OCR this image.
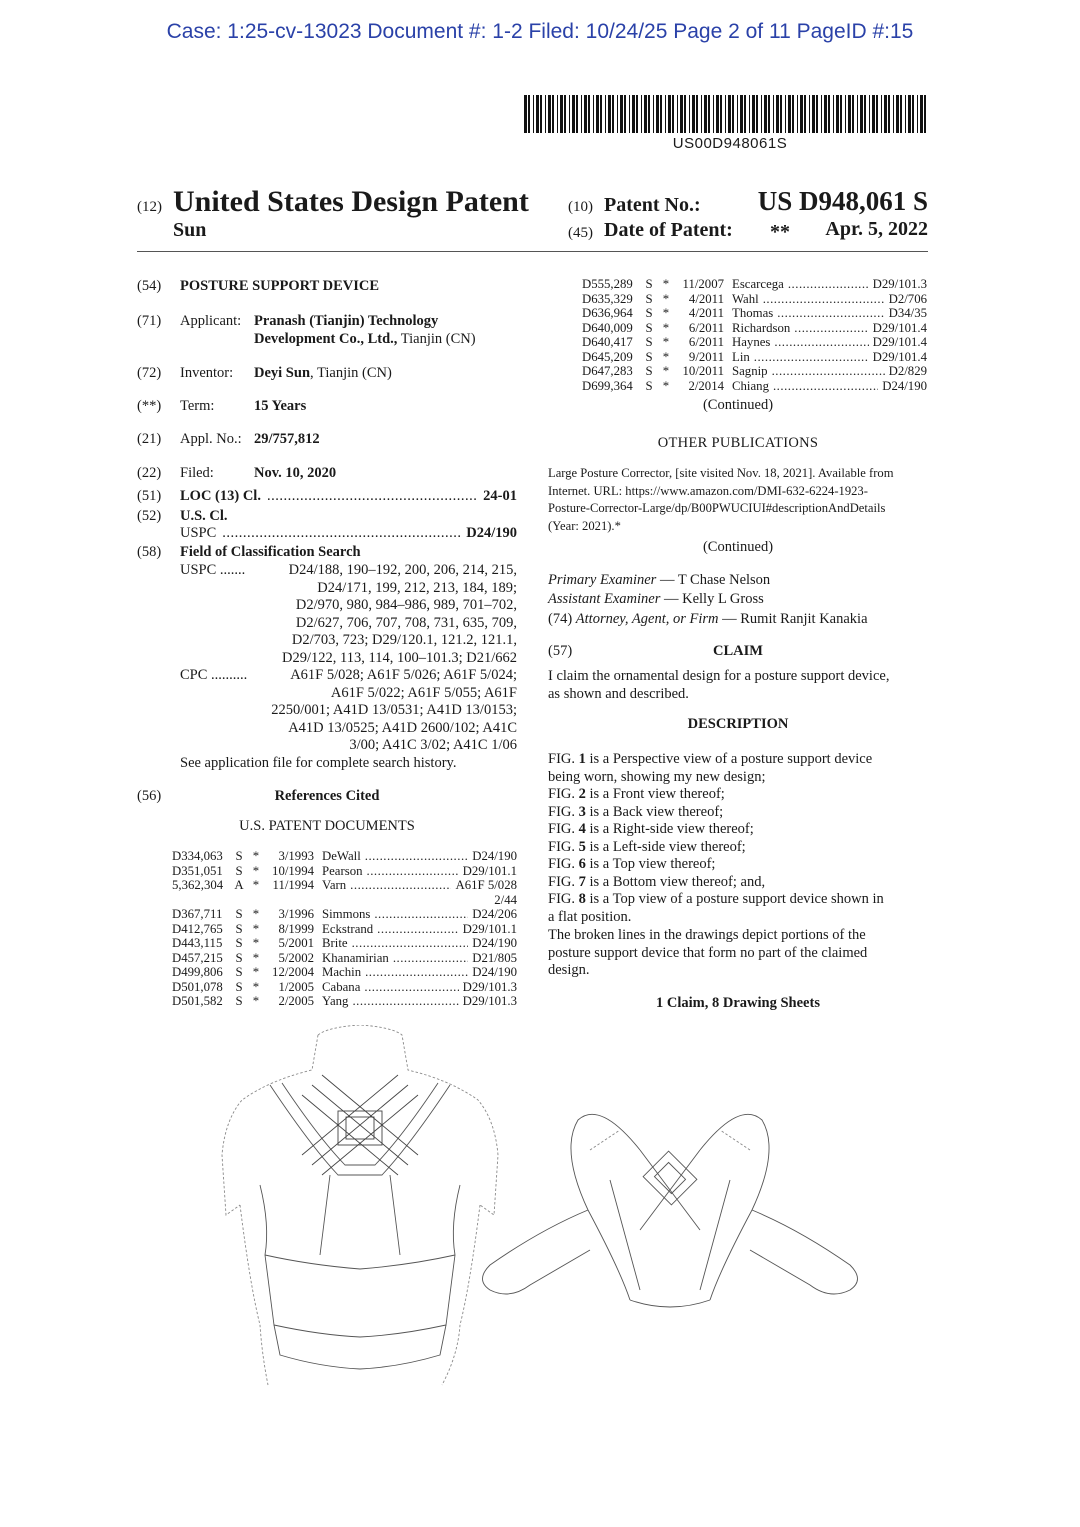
Case: 1:25-cv-13023 Document #: 1-2 Filed: 10/24/25 Page 2 of 11 PageID #:15
US00D948061S
(12) United States Design Patent
Sun
(10) Patent No.:	US D948,061 S
(45) Date of Patent: **	Apr. 5, 2022
(54) POSTURE SUPPORT DEVICE
(71) Applicant: Pranash (Tianjin) Technology
Development Co., Ltd., Tianjin (CN)
(72) Inventor: Deyi Sun, Tianjin (CN)
(**) Term:	15 Years
(21) Appl. No.: 29/757,812
(22) Filed:	Nov. 10, 2020
(51) LOC (13) Cl. .....	24-01
(52) U.S. Cl.
USPC .....	D24/190
(58) Field of Classification Search
USPC .......	D24/188, 190–192, 200, 206, 214, 215,
D24/171, 199, 212, 213, 184, 189;
D2/970, 980, 984–986, 989, 701–702,
D2/627, 706, 707, 708, 731, 635, 709,
D2/703, 723; D29/120.1, 121.2, 121.1,
D29/122, 113, 114, 100–101.3; D21/662
CPC ..........	A61F 5/028; A61F 5/026; A61F 5/024;
A61F 5/022; A61F 5/055; A61F
2250/001; A41D 13/0531; A41D 13/0153;
A41D 13/0525; A41D 2600/102; A41C
3/00; A41C 3/02; A41C 1/06
See application file for complete search history.
(56)	References Cited
U.S. PATENT DOCUMENTS
D334,063 S *	3/1993 DeWall .....	D24/190
D351,051 S *	10/1994 Pearson .....	D29/101.1
5,362,304 A *	11/1994 Varn .....	A61F 5/028
2/44
D367,711	S *	3/1996 Simmons .....	D24/206
D412,765 S *	8/1999 Eckstrand .....	D29/101.1
D443,115	S *	5/2001 Brite .....	D24/190
D457,215 S *	5/2002 Khanamirian .....	D21/805
D499,806 S *	12/2004 Machin .....	D24/190
D501,078 S *	1/2005 Cabana .....	D29/101.3
D501,582 S *	2/2005 Yang .....	D29/101.3
D555,289 S *	11/2007 Escarcega .....	D29/101.3
D635,329 S *	4/2011 Wahl .....	D2/706
D636,964 S *	4/2011 Thomas .....	D34/35
D640,009 S *	6/2011 Richardson .....	D29/101.4
D640,417 S *	6/2011 Haynes .....	D29/101.4
D645,209 S *	9/2011 Lin .....	D29/101.4
D647,283 S *	10/2011 Sagnip .....	D2/829
D699,364 S *	2/2014 Chiang .....	D24/190
(Continued)
OTHER PUBLICATIONS
Large Posture Corrector, [site visited Nov. 18, 2021]. Available from
Internet. URL: https://www.amazon.com/DMI-632-6224-1923-
Posture-Corrector-Large/dp/B00PWUCIUI#descriptionAndDetails
(Year: 2021).*
(Continued)
Primary Examiner — T Chase Nelson
Assistant Examiner — Kelly L Gross
(74) Attorney, Agent, or Firm — Rumit Ranjit Kanakia
(57)	CLAIM
I claim the ornamental design for a posture support device,
as shown and described.
DESCRIPTION

FIG. 1 is a Perspective view of a posture support device

being worn, showing my new design;

FIG. 2 is a Front view thereof;

FIG. 3 is a Back view thereof;

FIG. 4 is a Right-side view thereof;

FIG. 5 is a Left-side view thereof;

FIG. 6 is a Top view thereof;

FIG. 7 is a Bottom view thereof; and,

FIG. 8 is a Top view of a posture support device shown in

a flat position.

The broken lines in the drawings depict portions of the
posture support device that form no part of the claimed
design.
1 Claim, 8 Drawing Sheets
